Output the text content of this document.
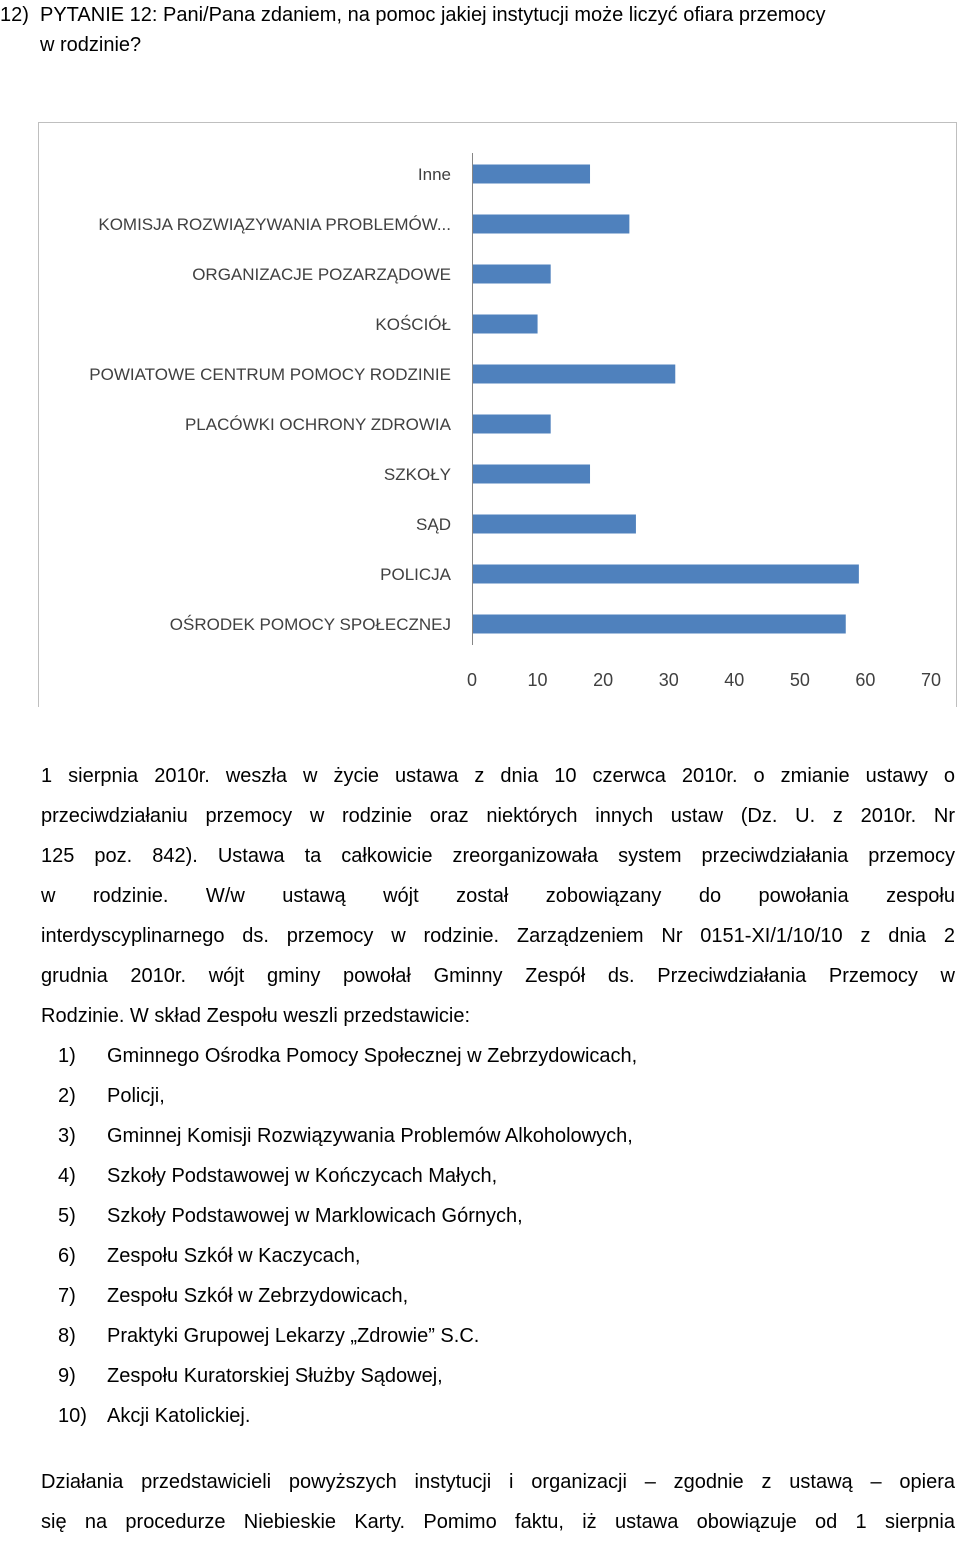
12) PYTANIE 12: Pani/Pana zdaniem, na pomoc jakiej instytucji może liczyć ofiara przemocy
w rodzinie?
Inne
KOMISJA ROZWIĄZYWANIA PROBLEMÓW...
ORGANIZACJE POZARZĄDOWE
KOŚCIÓŁ
POWIATOWE CENTRUM POMOCY RODZINIE
PLACÓWKI OCHRONY ZDROWIA
SZKOŁY
SĄD
POLICJA
OŚRODEK POMOCY SPOŁECZNEJ
0	10	20	30	40	50	60	70
1 sierpnia 2010r. weszła w życie ustawa z dnia 10 czerwca 2010r. o zmianie ustawy o
przeciwdziałaniu przemocy w rodzinie oraz niektórych innych ustaw (Dz. U. z 2010r. Nr
125 poz. 842). Ustawa ta całkowicie zreorganizowała system przeciwdziałania przemocy
w rodzinie. W/w ustawą wójt został zobowiązany do powołania zespołu
interdyscyplinarnego ds. przemocy w rodzinie. Zarządzeniem Nr 0151-XI/1/10/10 z dnia 2
grudnia 2010r. wójt gminy powołał Gminny Zespół ds. Przeciwdziałania Przemocy w
Rodzinie. W skład Zespołu weszli przedstawicie:
1) Gminnego Ośrodka Pomocy Społecznej w Zebrzydowicach,
2) Policji,
3) Gminnej Komisji Rozwiązywania Problemów Alkoholowych,
4) Szkoły Podstawowej w Kończycach Małych,
5) Szkoły Podstawowej w Marklowicach Górnych,
6) Zespołu Szkół w Kaczycach,
7) Zespołu Szkół w Zebrzydowicach,
8) Praktyki Grupowej Lekarzy „Zdrowie” S.C.
9) Zespołu Kuratorskiej Służby Sądowej,
10) Akcji Katolickiej.
Działania przedstawicieli powyższych instytucji i organizacji – zgodnie z ustawą – opiera
się na procedurze Niebieskie Karty. Pomimo faktu, iż ustawa obowiązuje od 1 sierpnia
